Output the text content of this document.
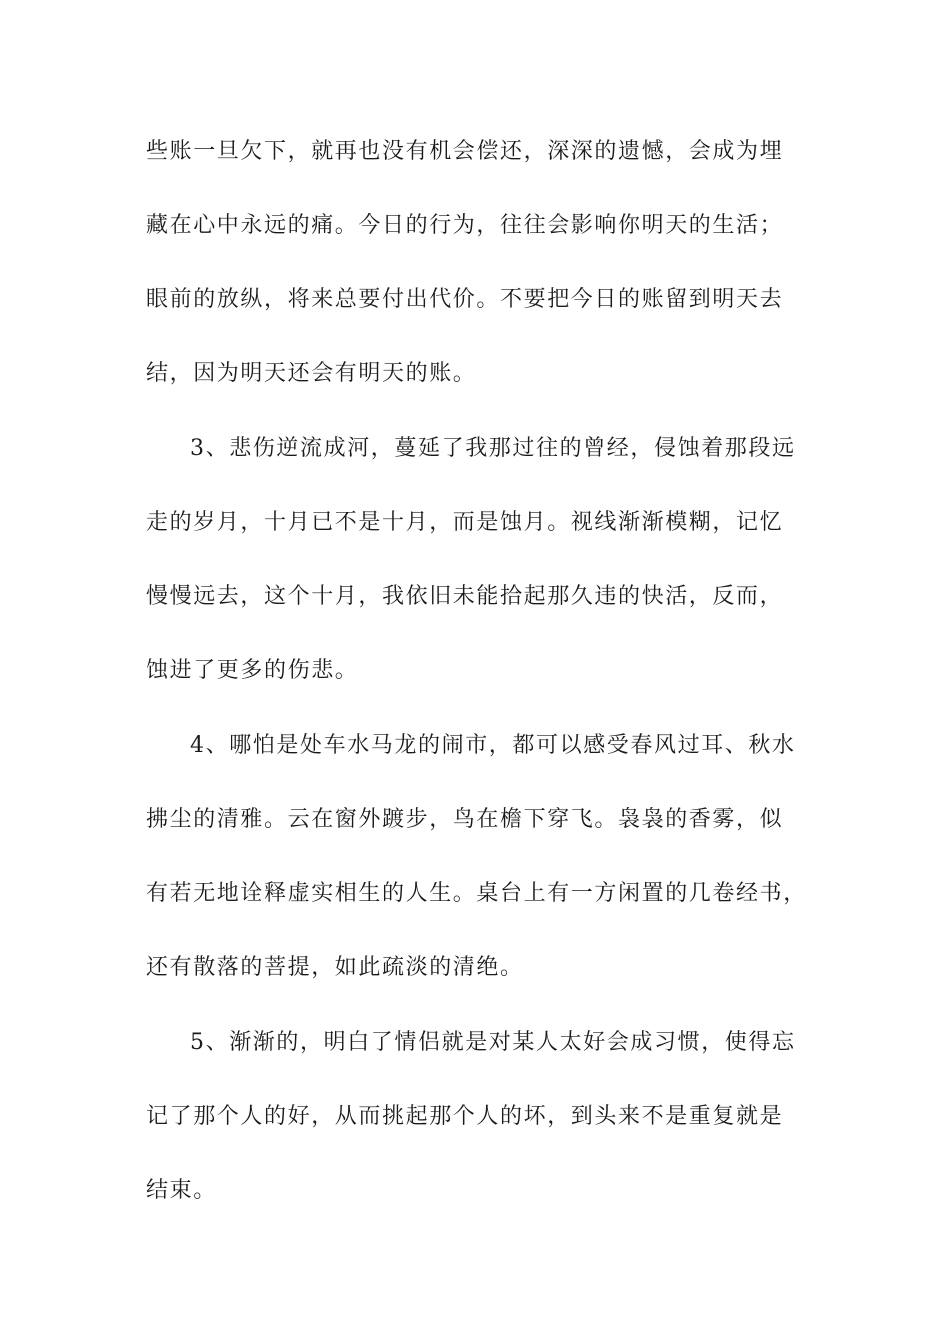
些账一旦欠下，就再也没有机会偿还，深深的遗憾，会成为埋
藏在心中永远的痛。今日的行为，往往会影响你明天的生活；
眼前的放纵，将来总要付出代价。不要把今日的账留到明天去
结，因为明天还会有明天的账。
3、悲伤逆流成河，蔓延了我那过往的曾经，侵蚀着那段远
走的岁月，十月已不是十月，而是蚀月。视线渐渐模糊，记忆
慢慢远去，这个十月，我依旧未能拾起那久违的快活，反而，
蚀进了更多的伤悲。
4、哪怕是处车水马龙的闹市，都可以感受春风过耳、秋水
拂尘的清雅。云在窗外踱步，鸟在檐下穿飞。袅袅的香雾，似
有若无地诠释虚实相生的人生。桌台上有一方闲置的几卷经书，
还有散落的菩提，如此疏淡的清绝。
5、渐渐的，明白了情侣就是对某人太好会成习惯，使得忘
记了那个人的好，从而挑起那个人的坏，到头来不是重复就是
结束。
